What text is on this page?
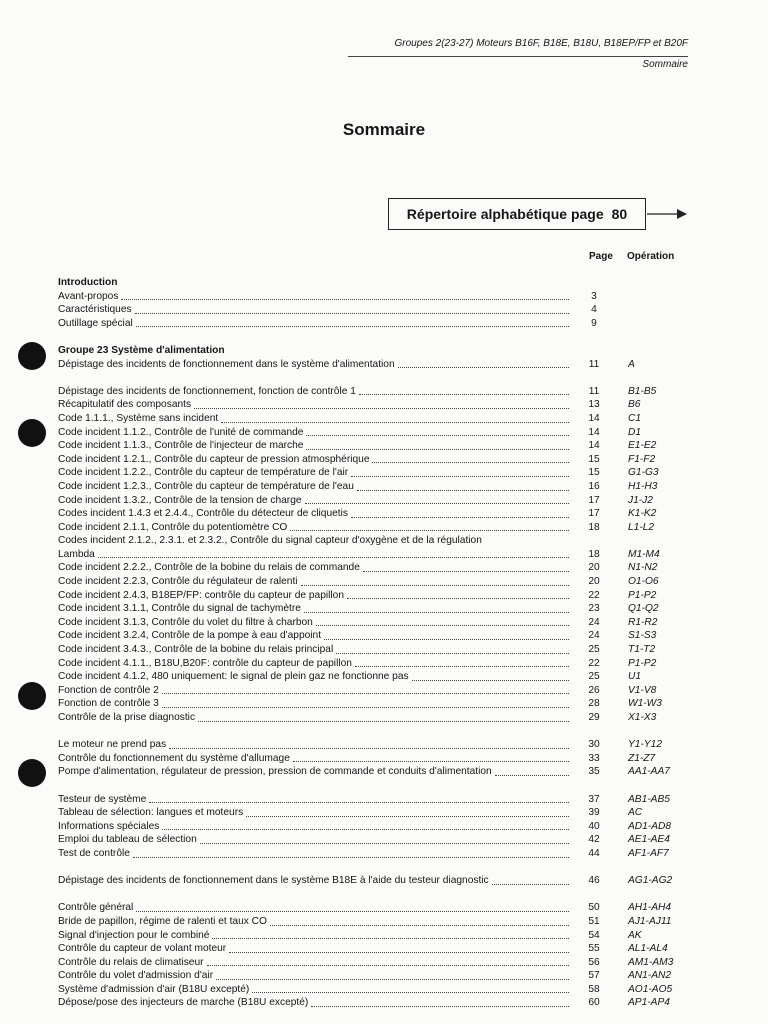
Groupes 2(23-27) Moteurs B16F, B18E, B18U, B18EP/FP et B20F
Sommaire
Sommaire
Répertoire alphabétique page 80
Page Opération
Introduction
Avant-propos	3
Caractéristiques	4
Outillage spécial	9
Groupe 23 Système d'alimentation
Dépistage des incidents de fonctionnement dans le système d'alimentation	11	A
Dépistage des incidents de fonctionnement, fonction de contrôle 1	11	B1-B5
Récapitulatif des composants	13	B6
Code 1.1.1., Système sans incident	14	C1
Code incident 1.1.2., Contrôle de l'unité de commande	14	D1
Code incident 1.1.3., Contrôle de l'injecteur de marche	14	E1-E2
Code incident 1.2.1., Contrôle du capteur de pression atmosphérique	15	F1-F2
Code incident 1.2.2., Contrôle du capteur de température de l'air	15	G1-G3
Code incident 1.2.3., Contrôle du capteur de température de l'eau	16	H1-H3
Code incident 1.3.2., Contrôle de la tension de charge	17	J1-J2
Codes incident 1.4.3 et 2.4.4., Contrôle du détecteur de cliquetis	17	K1-K2
Code incident 2.1.1, Contrôle du potentiomètre CO	18	L1-L2
Codes incident 2.1.2., 2.3.1. et 2.3.2., Contrôle du signal capteur d'oxygène et de la régulation
Lambda	18	M1-M4
Code incident 2.2.2., Contrôle de la bobine du relais de commande	20	N1-N2
Code incident 2.2.3, Contrôle du régulateur de ralenti	20	O1-O6
Code incident 2.4.3, B18EP/FP: contrôle du capteur de papillon	22	P1-P2
Code incident 3.1.1, Contrôle du signal de tachymètre	23	Q1-Q2
Code incident 3.1.3, Contrôle du volet du filtre à charbon	24	R1-R2
Code incident 3.2.4, Contrôle de la pompe à eau d'appoint	24	S1-S3
Code incident 3.4.3., Contrôle de la bobine du relais principal	25	T1-T2
Code incident 4.1.1., B18U,B20F: contrôle du capteur de papillon	22	P1-P2
Code incident 4.1.2, 480 uniquement: le signal de plein gaz ne fonctionne pas	25	U1
Fonction de contrôle 2	26	V1-V8
Fonction de contrôle 3	28	W1-W3
Contrôle de la prise diagnostic	29	X1-X3
Le moteur ne prend pas	30	Y1-Y12
Contrôle du fonctionnement du système d'allumage	33	Z1-Z7
Pompe d'alimentation, régulateur de pression, pression de commande et conduits d'alimentation	35	AA1-AA7
Testeur de système	37	AB1-AB5
Tableau de sélection: langues et moteurs	39	AC
Informations spéciales	40	AD1-AD8
Emploi du tableau de sélection	42	AE1-AE4
Test de contrôle	44	AF1-AF7
Dépistage des incidents de fonctionnement dans le système B18E à l'aide du testeur diagnostic	46	AG1-AG2
Contrôle général	50	AH1-AH4
Bride de papillon, régime de ralenti et taux CO	51	AJ1-AJ11
Signal d'injection pour le combiné	54	AK
Contrôle du capteur de volant moteur	55	AL1-AL4
Contrôle du relais de climatiseur	56	AM1-AM3
Contrôle du volet d'admission d'air	57	AN1-AN2
Système d'admission d'air (B18U excepté)	58	AO1-AO5
Dépose/pose des injecteurs de marche (B18U excepté)	60	AP1-AP4
